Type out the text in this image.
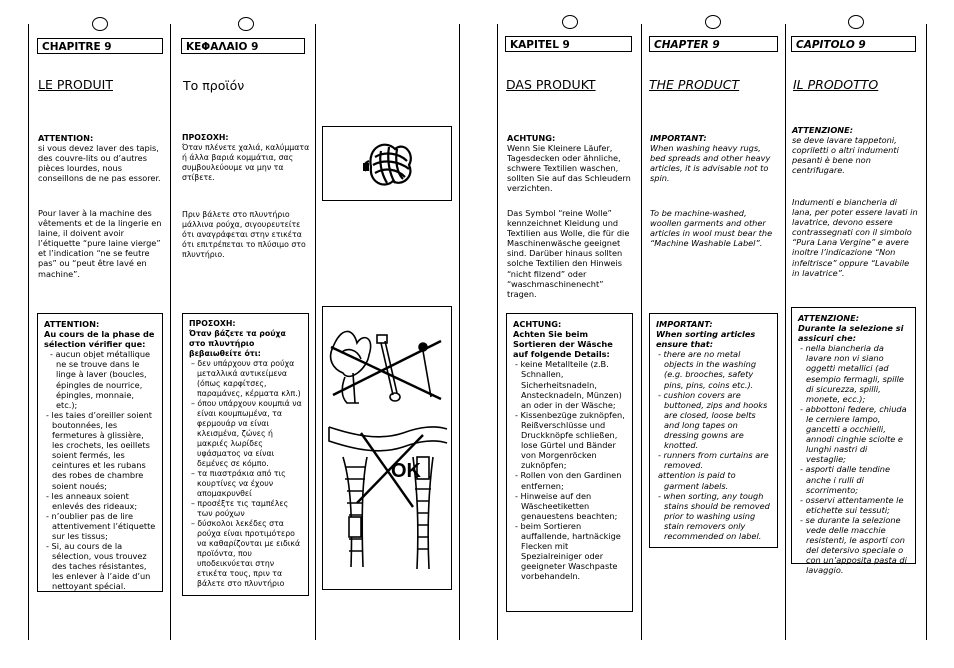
CHAPITRE 9
LE PRODUIT
ATTENTION:
si vous devez laver des tapis, des couvre-lits ou d’autres pièces lourdes, nous conseillons de ne pas essorer.
Pour laver à la machine des vêtements et de la lingerie en laine, il doivent avoir l’étiquette “pure laine vierge” et l’indication “ne se feutre pas” ou “peut être lavé en machine”.
ATTENTION:
Au cours de la phase de sélection vérifier que:
- aucun objet métallique ne se trouve dans le linge à laver (boucles, épingles de nourrice, épingles, monnaie, etc.);
- les taies d’oreiller soient boutonnées, les fermetures à glissière, les crochets, les oeillets soient fermés, les ceintures et les rubans des robes de chambre soient noués;
- les anneaux soient enlevés des rideaux;
- n’oublier pas de lire attentivement l’étiquette sur les tissus;
- Si, au cours de la sélection, vous trouvez des taches résistantes, les enlever à l’aide d’un nettoyant spécial.
ΚΕΦΑΛΑΙΟ 9
Το προϊόν
ΠΡΟΣΟΧΗ:
Όταν πλένετε χαλιά, καλύμματα ή άλλα βαριά κομμάτια, σας συμβουλεύουμε να μην τα στίβετε.
Πριν βάλετε στο πλυντήριο μάλλινα ρούχα, σιγουρευτείτε ότι αναγράφεται στην ετικέτα ότι επιτρέπεται το πλύσιμο στο πλυντήριο.
ΠΡΟΣΟΧΗ:
Όταν βάζετε τα ρούχα στο πλυντήριο βεβαιωθείτε ότι:
– δεν υπάρχουν στα ρούχα μεταλλικά αντικείμενα (όπως καρφίτσες, παραμάνες, κέρματα κλπ.)
– όπου υπάρχουν κουμπιά να είναι κουμπωμένα, τα φερμουάρ να είναι κλεισμένα, ζώνες ή μακριές λωρίδες υφάσματος να είναι δεμένες σε κόμπο.
– τα πιαστράκια από τις κουρτίνες να έχουν απομακρυνθεί
– προσέξτε τις ταμπέλες των ρούχων
– δύσκολοι λεκέδες στα ρούχα είναι προτιμότερο να καθαρίζονται με ειδικά προϊόντα, που υποδεικνύεται στην ετικέτα τους, πριν τα βάλετε στο πλυντήριο
OK
KAPITEL 9
DAS PRODUKT
ACHTUNG:
Wenn Sie Kleinere Läufer, Tagesdecken oder ähnliche, schwere Textilien waschen, sollten Sie auf das Schleudern verzichten.
Das Symbol “reine Wolle” kennzeichnet Kleidung und Textilien aus Wolle, die für die Maschinenwäsche geeignet sind. Darüber hinaus sollten solche Textilien den Hinweis “nicht filzend” oder “waschmaschinenecht” tragen.
ACHTUNG:
Achten Sie beim Sortieren der Wäsche auf folgende Details:
- keine Metallteile (z.B. Schnallen, Sicherheitsnadeln, Anstecknadeln, Münzen) an oder in der Wäsche;
- Kissenbezüge zuknöpfen, Reißverschlüsse und Druckknöpfe schließen, lose Gürtel und Bänder von Morgenröcken zuknöpfen;
- Rollen von den Gardinen entfernen;
- Hinweise auf den Wäscheetiketten genauestens beachten;
- beim Sortieren auffallende, hartnäckige Flecken mit Spezialreiniger oder geeigneter Waschpaste vorbehandeln.
CHAPTER 9
THE PRODUCT
IMPORTANT:
When washing heavy rugs, bed spreads and other heavy articles, it is advisable not to spin.
To be machine-washed, woollen garments and other articles in wool must bear the “Machine Washable Label”.
IMPORTANT:
When sorting articles ensure that:
- there are no metal objects in the washing (e.g. brooches, safety pins, pins, coins etc.).
- cushion covers are buttoned, zips and hooks are closed, loose belts and long tapes on dressing gowns are knotted.
- runners from curtains are removed.
attention is paid to garment labels.
- when sorting, any tough stains should be removed prior to washing using stain removers only recommended on label.
CAPITOLO 9
IL PRODOTTO
ATTENZIONE:
se deve lavare tappetoni, copriletti o altri indumenti pesanti è bene non centrifugare.
Indumenti e biancheria di lana, per poter essere lavati in lavatrice, devono essere contrassegnati con il simbolo “Pura Lana Vergine” e avere inoltre l’indicazione “Non infeltrisce” oppure “Lavabile in lavatrice”.
ATTENZIONE:
Durante la selezione si assicuri che:
- nella biancheria da lavare non vi siano oggetti metallici (ad esempio fermagli, spille di sicurezza, spilli, monete, ecc.);
- abbottoni federe, chiuda le cerniere lampo, gancetti a occhielli, annodi cinghie sciolte e lunghi nastri di vestaglie;
- asporti dalle tendine anche i rulli di scorrimento;
- osservi attentamente le etichette sui tessuti;
- se durante la selezione vede delle macchie resistenti, le asporti con del detersivo speciale o con un’apposita pasta di lavaggio.
